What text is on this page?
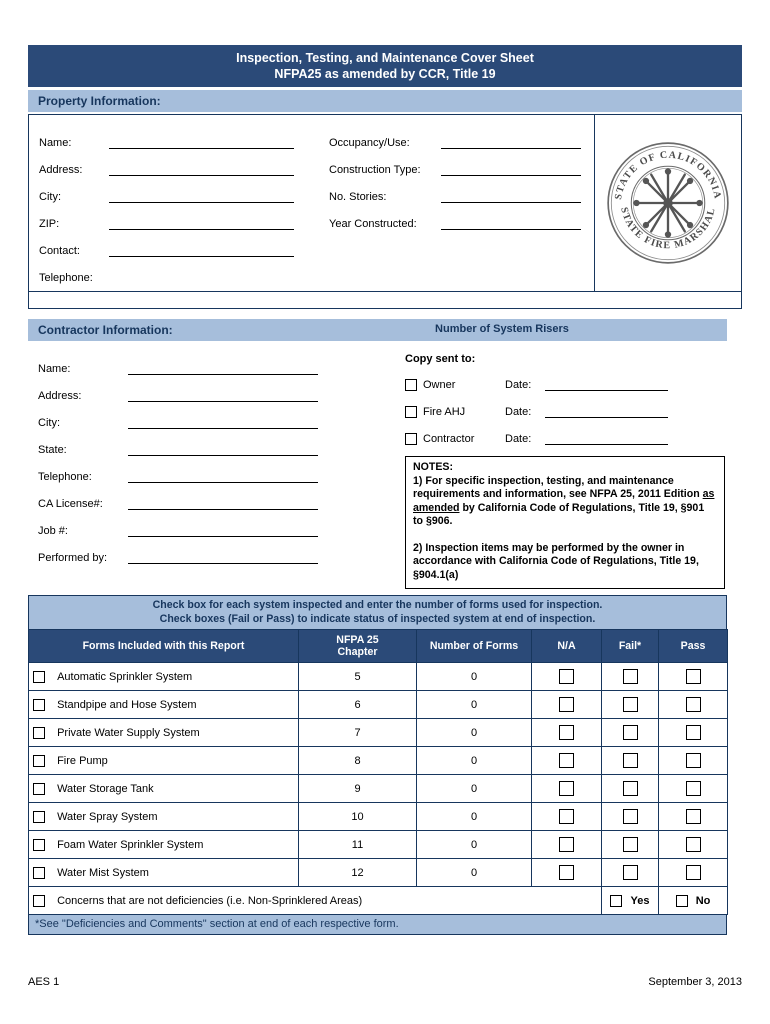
Inspection, Testing, and Maintenance Cover Sheet
NFPA25 as amended by CCR, Title 19
Property Information:
Name:
Address:
City:
ZIP:
Contact:
Telephone:
Occupancy/Use:
Construction Type:
No. Stories:
Year Constructed:
STATE OF CALIFORNIA
STATE FIRE MARSHAL
Contractor Information:	Number of System Risers
Name:
Address:
City:
State:
Telephone:
CA License#:
Job #:
Performed by:
Copy sent to:
Owner	Date:
Fire AHJ	Date:
Contractor	Date:

NOTES:

1) For specific inspection, testing, and maintenance requirements and information, see NFPA 25, 2011 Edition as amended by California Code of Regulations, Title 19, §901 to §906.

2) Inspection items may be performed by the owner in accordance with California Code of Regulations, Title 19, §904.1(a)

Check box for each system inspected and enter the number of forms used for inspection.
Check boxes (Fail or Pass) to indicate status of inspected system at end of inspection.
Forms Included with this Report	NFPA 25 Chapter	Number of Forms	N/A	Fail*	Pass
Automatic Sprinkler System	5	0			
Standpipe and Hose System	6	0			
Private Water Supply System	7	0			
Fire Pump	8	0			
Water Storage Tank	9	0			
Water Spray System	10	0			
Foam Water Sprinkler System	11	0			
Water Mist System	12	0			
Concerns that are not deficiencies (i.e. Non-Sprinklered Areas)				Yes	No
*See "Deficiencies and Comments" section at end of each respective form.
AES 1	September 3, 2013
